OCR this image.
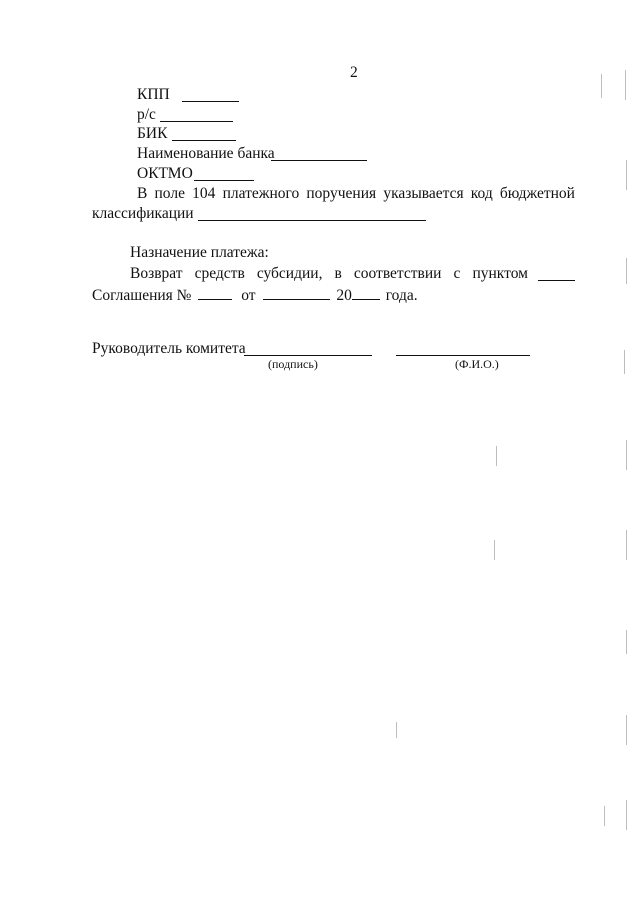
2
КПП
р/с
БИК
Наименование банка
ОКТМО
В поле 104 платежного поручения указывается код бюджетной
классификации
Назначение платежа:
Возврат средств субсидии, в соответствии с пунктом
Соглашения №	от	20 года.
Руководитель комитета
(подпись)	(Ф.И.О.)
